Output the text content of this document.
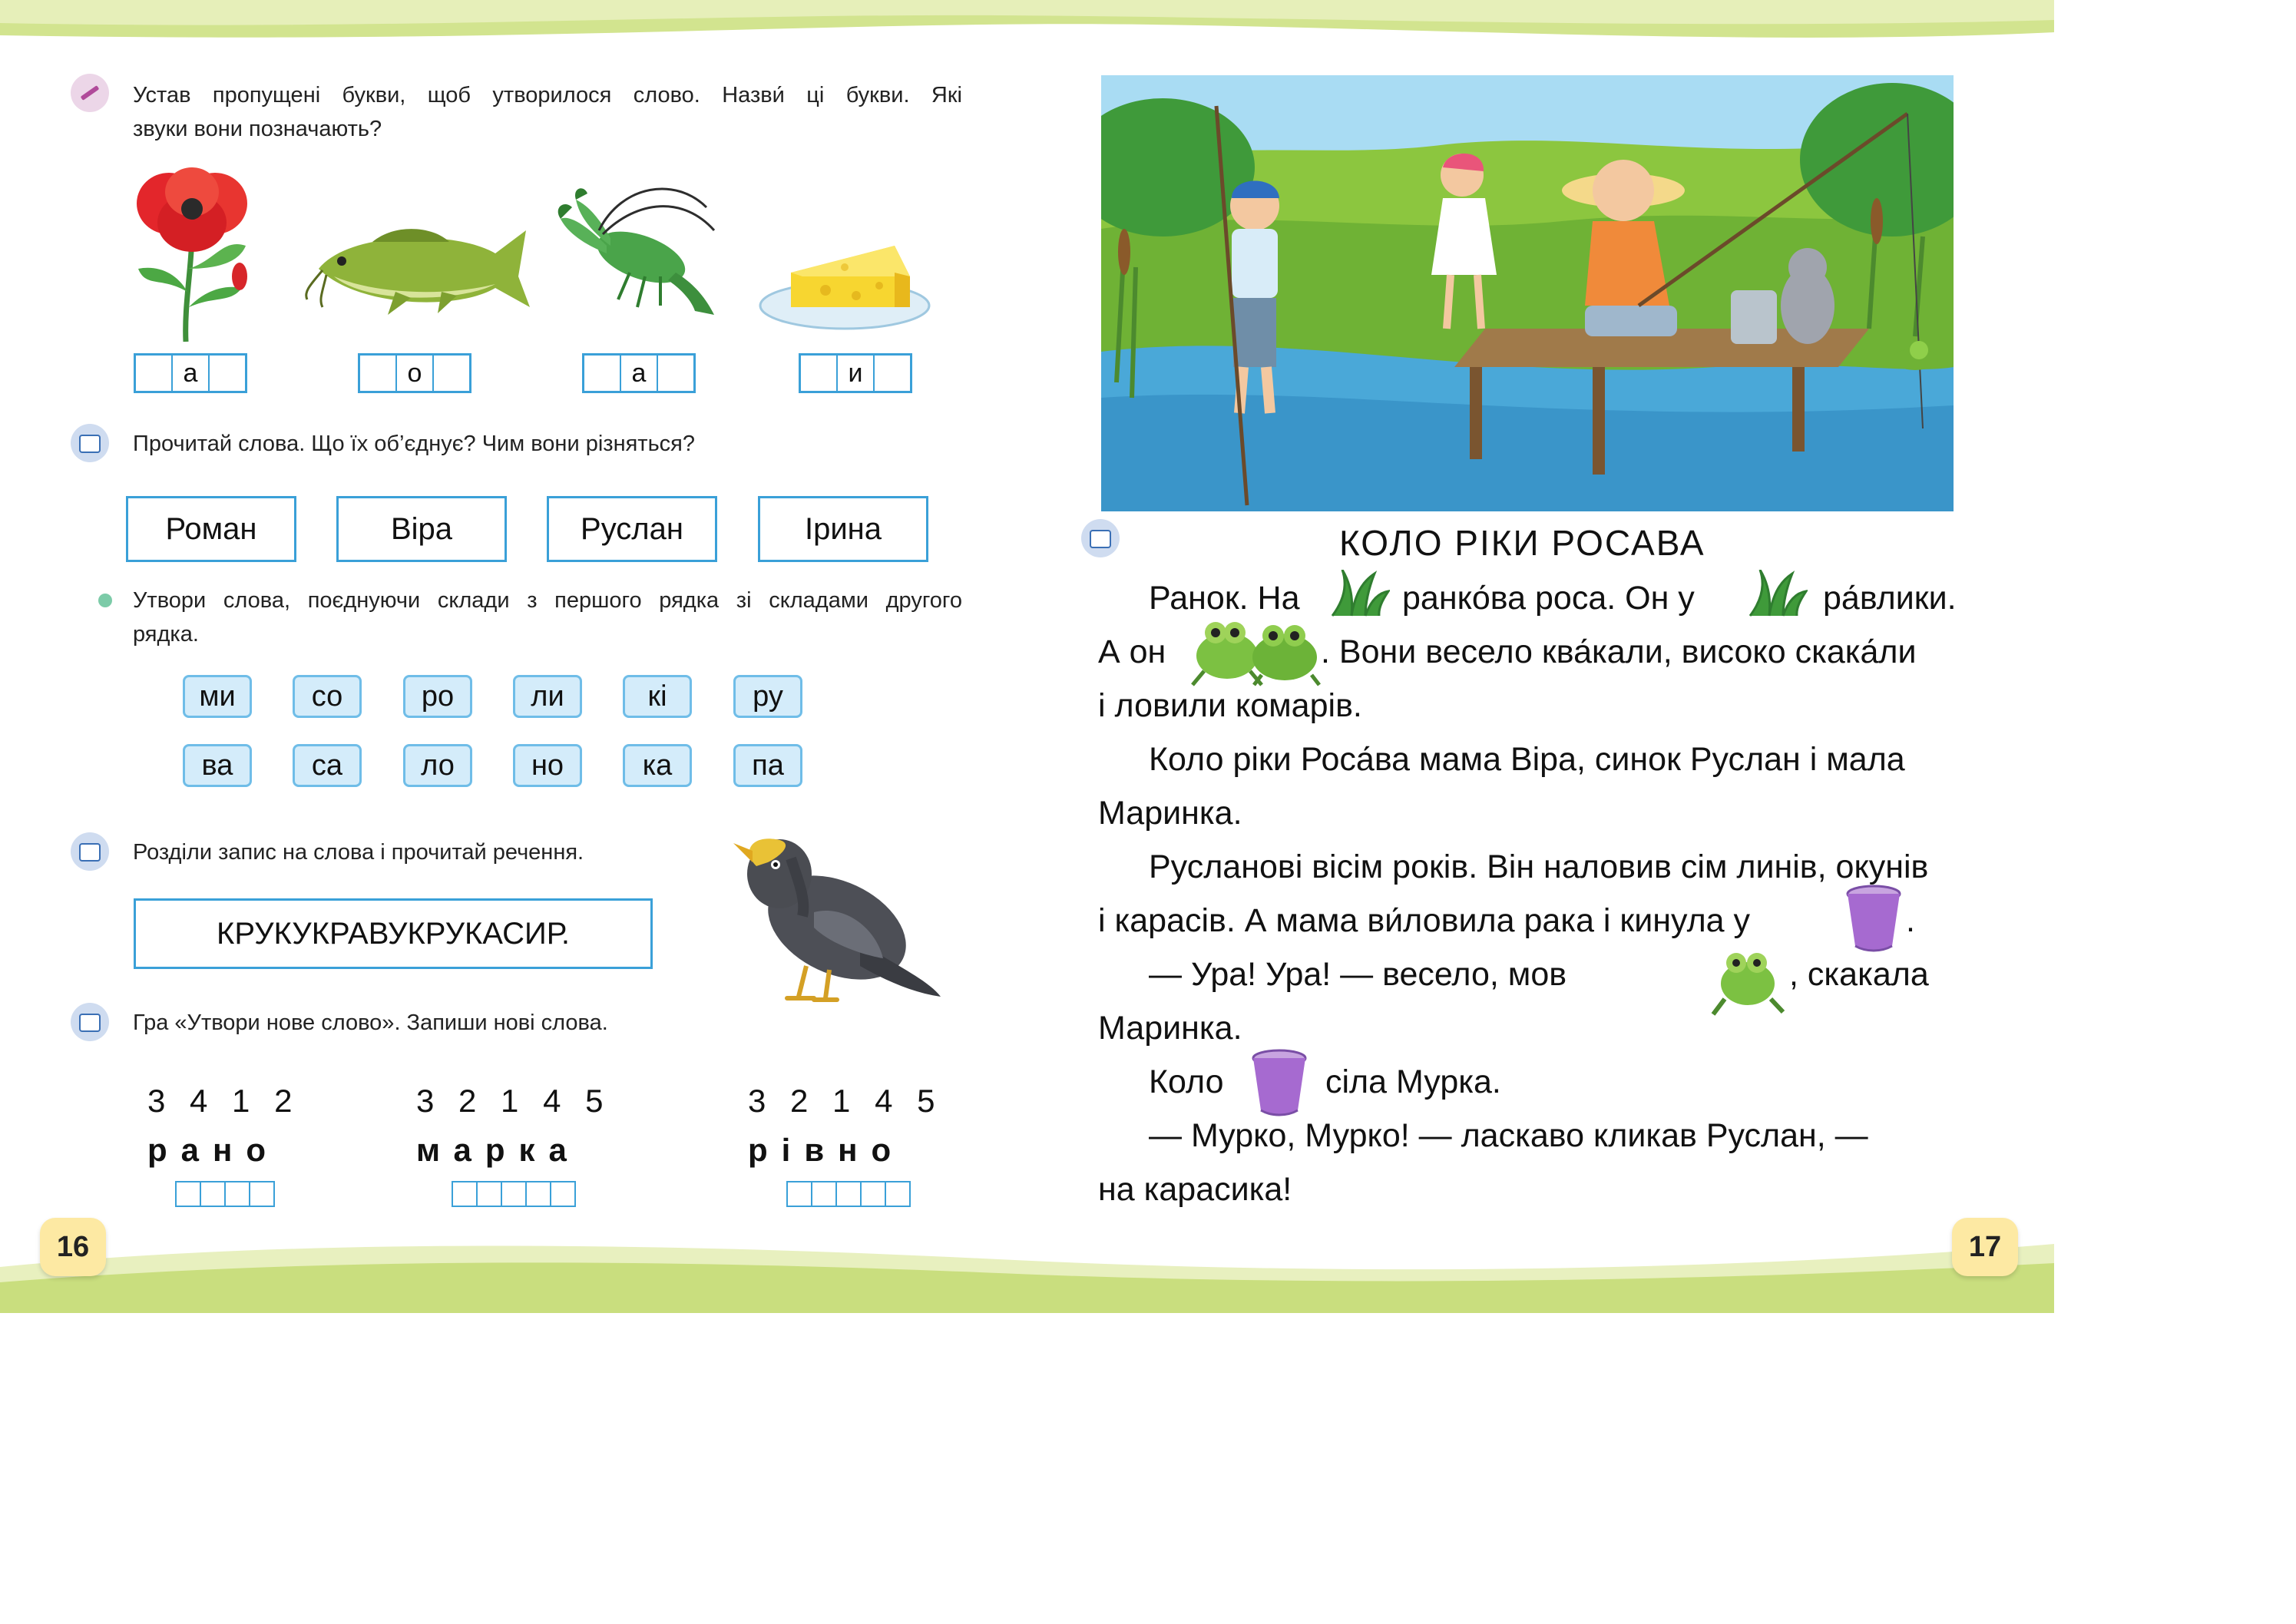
Устав пропущені букви, щоб утворилося слово. Назви́ ці букви. Які
звуки вони позначають?
а	о	а	и
Прочитай слова. Що їх об’єднує? Чим вони різняться?
Роман	Віра	Руслан	Ірина
Утвори слова, поєднуючи склади з першого рядка зі складами другого
рядка.
ми	со	ро	ли	кі	ру
ва	са	ло	но	ка	па
Розділи запис на слова і прочитай речення.
КРУКУКРАВУКРУКАСИР.
Гра «Утвори нове слово». Запиши нові слова.
3 4 1 2
рано
3 2 1 4 5
марка
3 2 1 4 5
рівно
16
КОЛО РІКИ РОСАВА
Ранок. На	ранко́ва роса. Он у	ра́влики.
А он	. Вони весело ква́кали, високо скака́ли
і ловили комарів.
Коло ріки Роса́ва мама Віра, синок Руслан і мала
Маринка.
Русланові вісім років. Він наловив сім линів, окунів
і карасів. А мама ви́ловила рака і кинула у	.
— Ура! Ура! — весело, мов	, скакала
Маринка.
Коло	сіла Мурка.
— Мурко, Мурко! — ласкаво кликав Руслан, —
на карасика!
17
